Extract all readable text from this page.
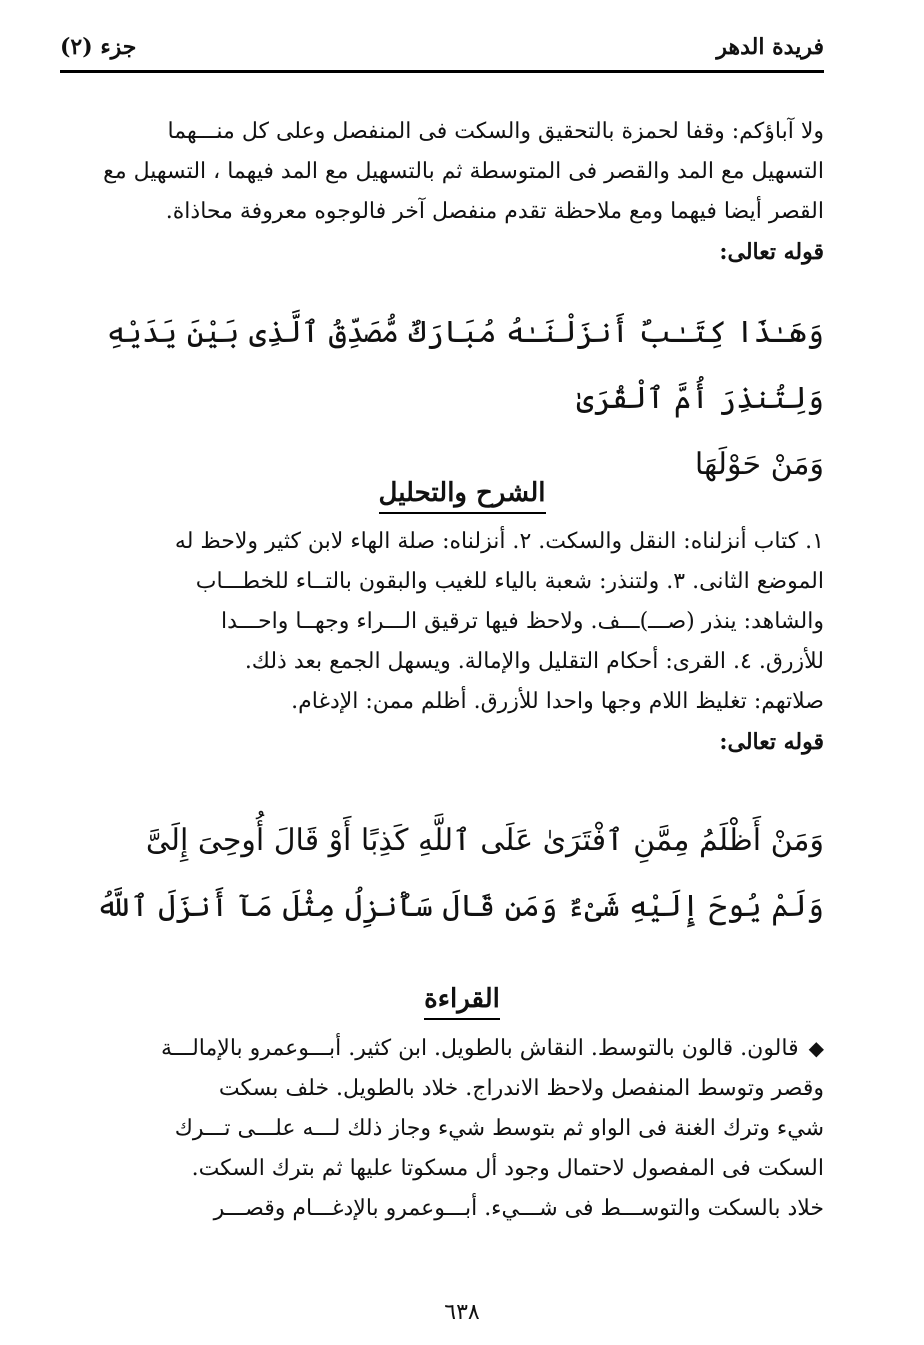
فريدة الدهر
جزء (٢)

ولا آباؤكم: وقفا لحمزة بالتحقيق والسكت فى المنفصل وعلى كل منـــهما

التسهيل مع المد والقصر فى المتوسطة ثم بالتسهيل مع المد فيهما ، التسهيل مع

القصر أيضا فيهما ومع ملاحظة تقدم منفصل آخر فالوجوه معروفة محاذاة.

قوله تعالى:

وَهَـٰذَا كِتَـٰبٌ أَنزَلْنَـٰهُ مُبَارَكٌ مُّصَدِّقُ ٱلَّذِى بَيْنَ يَدَيْهِ وَلِتُنذِرَ أُمَّ ٱلْقُرَىٰ

وَمَنْ حَوْلَهَا

الشرح والتحليل

١. كتاب أنزلناه: النقل والسكت. ٢. أنزلناه: صلة الهاء لابن كثير ولاحظ له

الموضع الثانى. ٣. ولتنذر: شعبة بالياء للغيب والبقون بالتــاء للخطـــاب

والشاهد: ينذر (صـــ)ـــف. ولاحظ فيها ترقيق الـــراء وجهــا واحـــدا

للأزرق. ٤. القرى: أحكام التقليل والإمالة. ويسهل الجمع بعد ذلك.

صلاتهم: تغليظ اللام وجها واحدا للأزرق. أظلم ممن: الإدغام.

قوله تعالى:

وَمَنْ أَظْلَمُ مِمَّنِ ٱفْتَرَىٰ عَلَى ٱللَّهِ كَذِبًا أَوْ قَالَ أُوحِىَ إِلَىَّ

وَلَمْ يُوحَ إِلَيْهِ شَىْءٌ وَمَن قَالَ سَأُنزِلُ مِثْلَ مَآ أَنزَلَ ٱللَّهُ

القراءة

◆
قالون. قالون بالتوسط. النقاش بالطويل. ابن كثير. أبـــوعمرو بالإمالـــة

وقصر وتوسط المنفصل ولاحظ الاندراج. خلاد بالطويل. خلف بسكت

شيء وترك الغنة فى الواو ثم بتوسط شيء وجاز ذلك لـــه علـــى تـــرك

السكت فى المفصول لاحتمال وجود أل مسكوتا عليها ثم بترك السكت.

خلاد بالسكت والتوســـط فى شـــيء. أبـــوعمرو بالإدغـــام وقصـــر

٦٣٨
